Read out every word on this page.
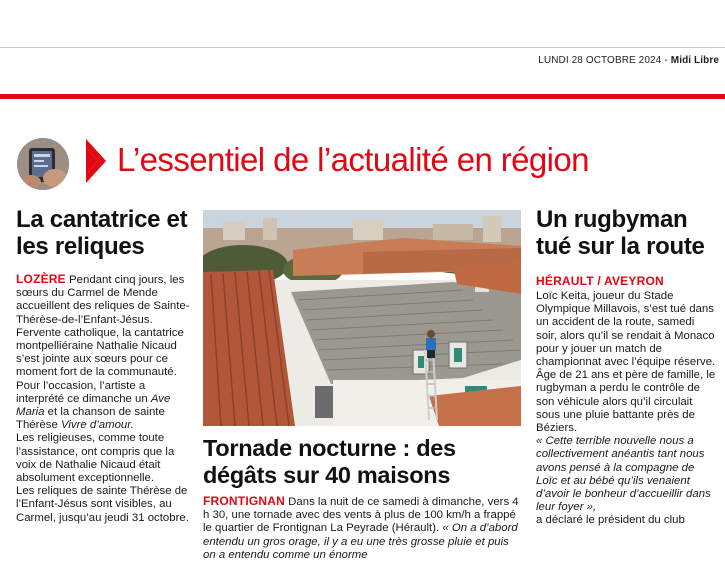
LUNDI 28 OCTOBRE 2024 - Midi Libre
L’essentiel de l’actualité en région
La cantatrice et les reliques

LOZÈRE Pendant cinq jours, les sœurs du Carmel de Mende accueillent des reliques de Sainte-Thérèse-de-l’Enfant-Jésus. Fervente catholique, la cantatrice montpelliéraine Nathalie Nicaud s’est jointe aux sœurs pour ce moment fort de la communauté. Pour l’occasion, l’artiste a interprété ce dimanche un Ave Maria et la chanson de sainte Thérèse Vivre d’amour.

Les religieuses, comme toute l’assistance, ont compris que la voix de Nathalie Nicaud était absolument exceptionnelle.

Les reliques de sainte Thérèse de l’Enfant-Jésus sont visibles, au Carmel, jusqu’au jeudi 31 octobre.

Tornade nocturne : des dégâts sur 40 maisons

FRONTIGNAN Dans la nuit de ce samedi à dimanche, vers 4 h 30, une tornade avec des vents à plus de 100 km/h a frappé le quartier de Frontignan La Peyrade (Hérault). « On a d’abord entendu un gros orage, il y a eu une très grosse pluie et puis on a entendu comme un énorme

Un rugbyman tué sur la route
HÉRAULT / AVEYRON

Loïc Keita, joueur du Stade Olympique Millavois, s’est tué dans un accident de la route, samedi soir, alors qu’il se rendait à Monaco pour y jouer un match de championnat avec l’équipe réserve. Âge de 21 ans et père de famille, le rugbyman a perdu le contrôle de son véhicule alors qu’il circulait sous une pluie battante près de Béziers.

« Cette terrible nouvelle nous a collectivement anéantis tant nous avons pensé à la compagne de Loïc et au bébé qu’ils venaient d’avoir le bonheur d’accueillir dans leur foyer »,

a déclaré le président du club
